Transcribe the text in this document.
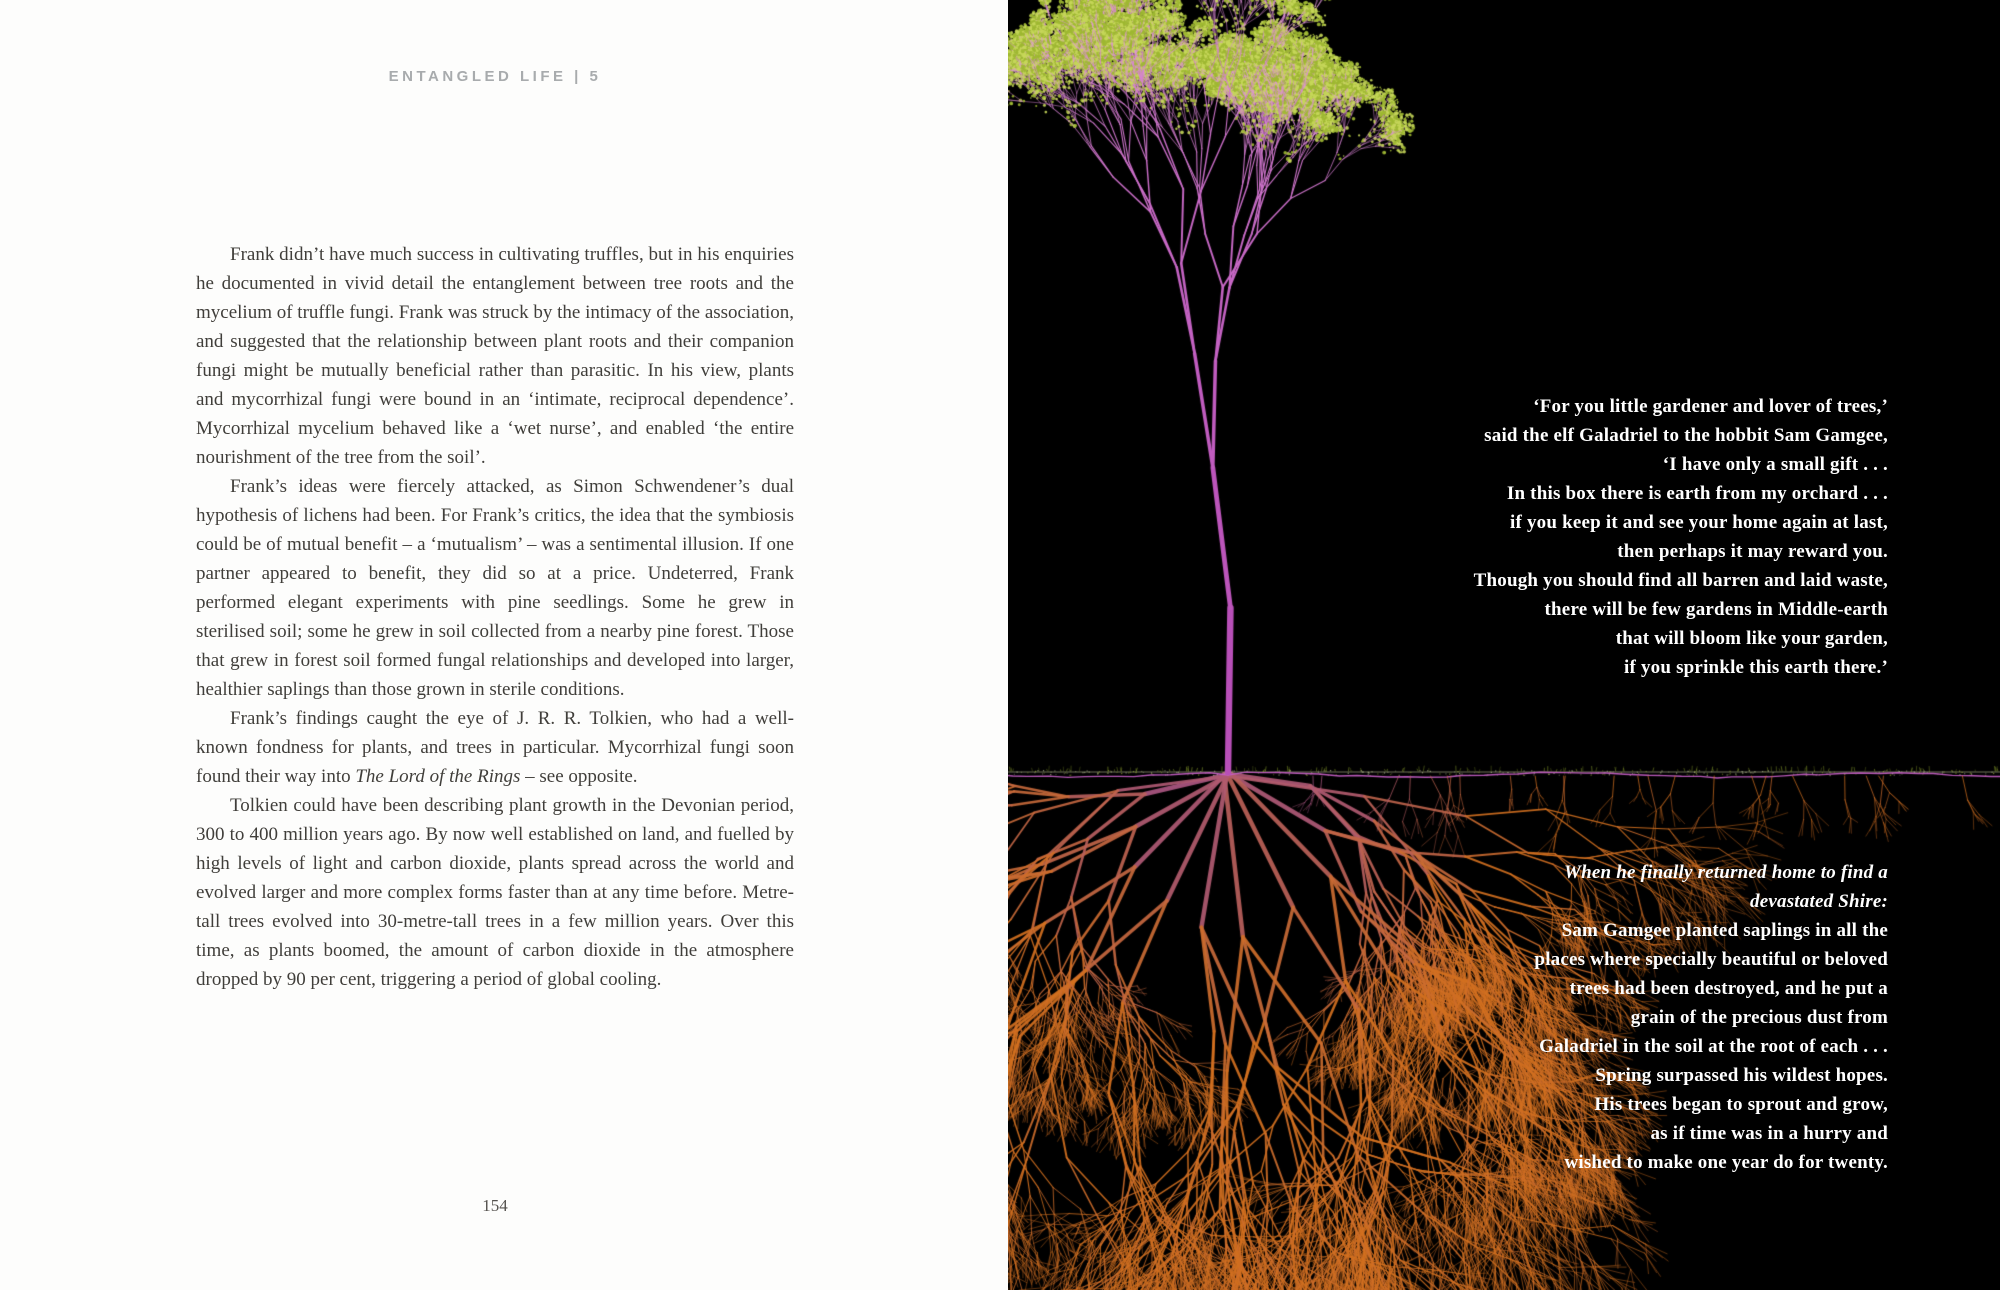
ENTANGLED LIFE | 5

Frank didn’t have much success in cultivating truffles, but in his enquiries he documented in vivid detail the entanglement between tree roots and the mycelium of truffle fungi. Frank was struck by the intimacy of the association, and suggested that the relationship between plant roots and their companion fungi might be mutually beneficial rather than parasitic. In his view, plants and mycorrhizal fungi were bound in an ‘intimate, reciprocal dependence’. Mycorrhizal mycelium behaved like a ‘wet nurse’, and enabled ‘the entire nourishment of the tree from the soil’.

Frank’s ideas were fiercely attacked, as Simon Schwendener’s dual hypothesis of lichens had been. For Frank’s critics, the idea that the symbiosis could be of mutual benefit – a ‘mutualism’ – was a sentimental illusion. If one partner appeared to benefit, they did so at a price. Undeterred, Frank performed elegant experiments with pine seedlings. Some he grew in sterilised soil; some he grew in soil collected from a nearby pine forest. Those that grew in forest soil formed fungal relationships and developed into larger, healthier saplings than those grown in sterile conditions.

Frank’s findings caught the eye of J. R. R. Tolkien, who had a well-known fondness for plants, and trees in particular. Mycorrhizal fungi soon found their way into The Lord of the Rings – see opposite.

Tolkien could have been describing plant growth in the Devonian period, 300 to 400 million years ago. By now well established on land, and fuelled by high levels of light and carbon dioxide, plants spread across the world and evolved larger and more complex forms faster than at any time before. Metre-tall trees evolved into 30-metre-tall trees in a few million years. Over this time, as plants boomed, the amount of carbon dioxide in the atmosphere dropped by 90 per cent, triggering a period of global cooling.

154
‘For you little gardener and lover of trees,’
said the elf Galadriel to the hobbit Sam Gamgee,
‘I have only a small gift . . .
In this box there is earth from my orchard . . .
if you keep it and see your home again at last,
then perhaps it may reward you.
Though you should find all barren and laid waste,
there will be few gardens in Middle-earth
that will bloom like your garden,
if you sprinkle this earth there.’
When he finally returned home to find a
devastated Shire:
Sam Gamgee planted saplings in all the
places where specially beautiful or beloved
trees had been destroyed, and he put a
grain of the precious dust from
Galadriel in the soil at the root of each . . .
Spring surpassed his wildest hopes.
His trees began to sprout and grow,
as if time was in a hurry and
wished to make one year do for twenty.
